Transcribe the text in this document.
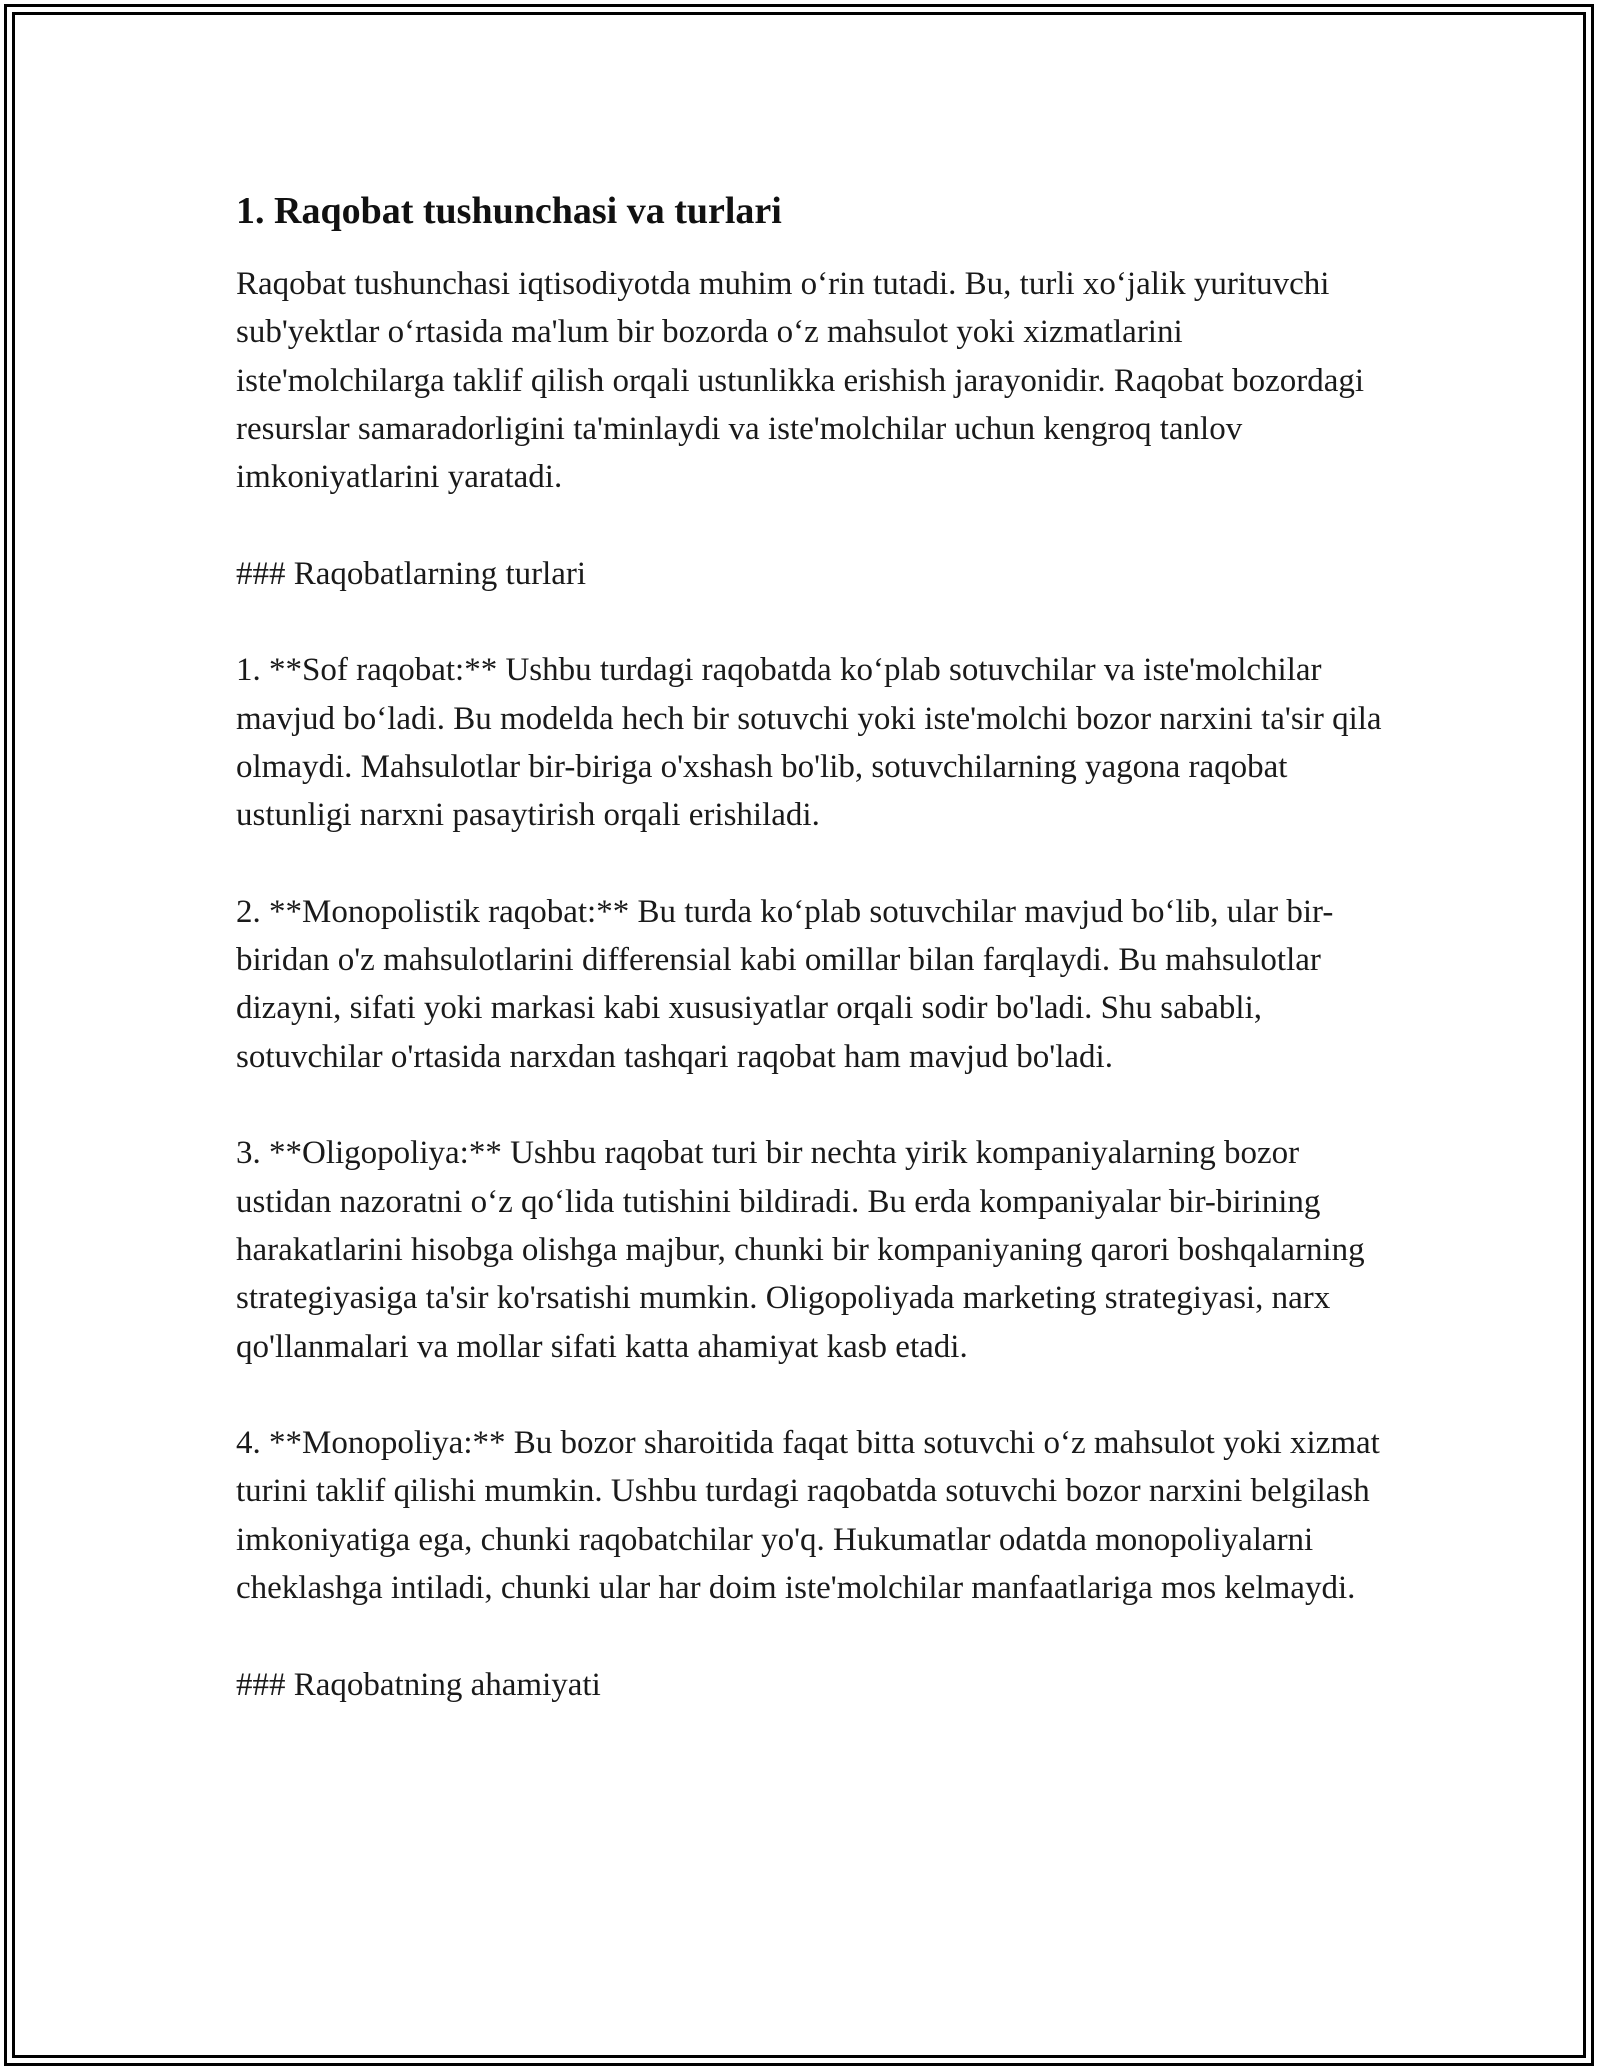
1. Raqobat tushunchasi va turlari

Raqobat tushunchasi iqtisodiyotda muhim oʻrin tutadi. Bu, turli xoʻjalik yurituvchi sub'yektlar oʻrtasida ma'lum bir bozorda oʻz mahsulot yoki xizmatlarini iste'molchilarga taklif qilish orqali ustunlikka erishish jarayonidir. Raqobat bozordagi resurslar samaradorligini ta'minlaydi va iste'molchilar uchun kengroq tanlov imkoniyatlarini yaratadi.

### Raqobatlarning turlari

1. **Sof raqobat:** Ushbu turdagi raqobatda koʻplab sotuvchilar va iste'molchilar mavjud boʻladi. Bu modelda hech bir sotuvchi yoki iste'molchi bozor narxini ta'sir qila olmaydi. Mahsulotlar bir-biriga o'xshash bo'lib, sotuvchilarning yagona raqobat ustunligi narxni pasaytirish orqali erishiladi.

2. **Monopolistik raqobat:** Bu turda koʻplab sotuvchilar mavjud boʻlib, ular bir-biridan o'z mahsulotlarini differensial kabi omillar bilan farqlaydi. Bu mahsulotlar dizayni, sifati yoki markasi kabi xususiyatlar orqali sodir bo'ladi. Shu sababli, sotuvchilar o'rtasida narxdan tashqari raqobat ham mavjud bo'ladi.

3. **Oligopoliya:** Ushbu raqobat turi bir nechta yirik kompaniyalarning bozor ustidan nazoratni oʻz qoʻlida tutishini bildiradi. Bu erda kompaniyalar bir-birining harakatlarini hisobga olishga majbur, chunki bir kompaniyaning qarori boshqalarning strategiyasiga ta'sir ko'rsatishi mumkin. Oligopoliyada marketing strategiyasi, narx qo'llanmalari va mollar sifati katta ahamiyat kasb etadi.

4. **Monopoliya:** Bu bozor sharoitida faqat bitta sotuvchi oʻz mahsulot yoki xizmat turini taklif qilishi mumkin. Ushbu turdagi raqobatda sotuvchi bozor narxini belgilash imkoniyatiga ega, chunki raqobatchilar yo'q. Hukumatlar odatda monopoliyalarni cheklashga intiladi, chunki ular har doim iste'molchilar manfaatlariga mos kelmaydi.

### Raqobatning ahamiyati
